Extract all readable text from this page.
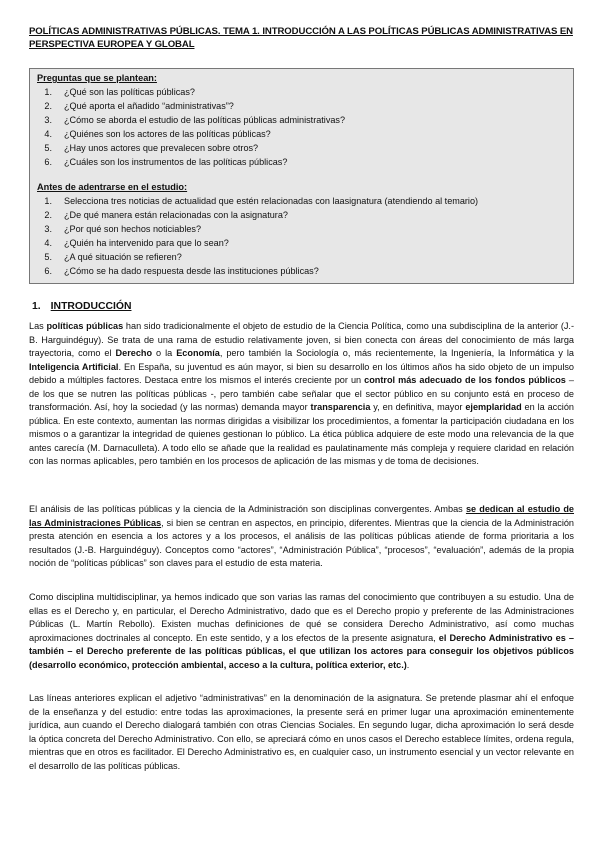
POLÍTICAS ADMINISTRATIVAS PÚBLICAS. TEMA 1. INTRODUCCIÓN A LAS POLÍTICAS PÚBLICAS ADMINISTRATIVAS EN PERSPECTIVA EUROPEA Y GLOBAL
Preguntas que se plantean:
1. ¿Qué son las políticas públicas?
2. ¿Qué aporta el añadido “administrativas”?
3. ¿Cómo se aborda el estudio de las políticas públicas administrativas?
4. ¿Quiénes son los actores de las políticas públicas?
5. ¿Hay unos actores que prevalecen sobre otros?
6. ¿Cuáles son los instrumentos de las políticas públicas?
Antes de adentrarse en el estudio:
1. Selecciona tres noticias de actualidad que estén relacionadas con laasignatura (atendiendo al temario)
2. ¿De qué manera están relacionadas con la asignatura?
3. ¿Por qué son hechos noticiables?
4. ¿Quién ha intervenido para que lo sean?
5. ¿A qué situación se refieren?
6. ¿Cómo se ha dado respuesta desde las instituciones públicas?
1. INTRODUCCIÓN

Las políticas públicas han sido tradicionalmente el objeto de estudio de la Ciencia Política, como una subdisciplina de la anterior (J.-B. Harguindéguy). Se trata de una rama de estudio relativamente joven, si bien conecta con áreas del conocimiento de más larga trayectoria, como el Derecho o la Economía, pero también la Sociología o, más recientemente, la Ingeniería, la Informática y la Inteligencia Artificial. En España, su juventud es aún mayor, si bien su desarrollo en los últimos años ha sido objeto de un impulso debido a múltiples factores. Destaca entre los mismos el interés creciente por un control más adecuado de los fondos públicos – de los que se nutren las políticas públicas -, pero también cabe señalar que el sector público en su conjunto está en proceso de transformación. Así, hoy la sociedad (y las normas) demanda mayor transparencia y, en definitiva, mayor ejemplaridad en la acción pública. En este contexto, aumentan las normas dirigidas a visibilizar los procedimientos, a fomentar la participación ciudadana en los mismos o a garantizar la integridad de quienes gestionan lo público. La ética pública adquiere de este modo una relevancia de la que antes carecía (M. Darnaculleta). A todo ello se añade que la realidad es paulatinamente más compleja y requiere claridad en relación con las normas aplicables, pero también en los procesos de aplicación de las mismas y de toma de decisiones.

El análisis de las políticas públicas y la ciencia de la Administración son disciplinas convergentes. Ambas se dedican al estudio de las Administraciones Públicas, si bien se centran en aspectos, en principio, diferentes. Mientras que la ciencia de la Administración presta atención en esencia a los actores y a los procesos, el análisis de las políticas públicas atiende de forma prioritaria a los resultados (J.-B. Harguindéguy). Conceptos como “actores”, “Administración Pública”, “procesos”, “evaluación”, además de la propia noción de “políticas públicas” son claves para el estudio de esta materia.

Como disciplina multidisciplinar, ya hemos indicado que son varias las ramas del conocimiento que contribuyen a su estudio. Una de ellas es el Derecho y, en particular, el Derecho Administrativo, dado que es el Derecho propio y preferente de las Administraciones Públicas (L. Martín Rebollo). Existen muchas definiciones de qué se considera Derecho Administrativo, así como muchas aproximaciones doctrinales al concepto. En este sentido, y a los efectos de la presente asignatura, el Derecho Administrativo es – también – el Derecho preferente de las políticas públicas, el que utilizan los actores para conseguir los objetivos públicos (desarrollo económico, protección ambiental, acceso a la cultura, política exterior, etc.).

Las líneas anteriores explican el adjetivo “administrativas” en la denominación de la asignatura. Se pretende plasmar ahí el enfoque de la enseñanza y del estudio: entre todas las aproximaciones, la presente será en primer lugar una aproximación eminentemente jurídica, aun cuando el Derecho dialogará también con otras Ciencias Sociales. En segundo lugar, dicha aproximación lo será desde la óptica concreta del Derecho Administrativo. Con ello, se apreciará cómo en unos casos el Derecho establece límites, ordena regula, mientras que en otros es facilitador. El Derecho Administrativo es, en cualquier caso, un instrumento esencial y un vector relevante en el desarrollo de las políticas públicas.
